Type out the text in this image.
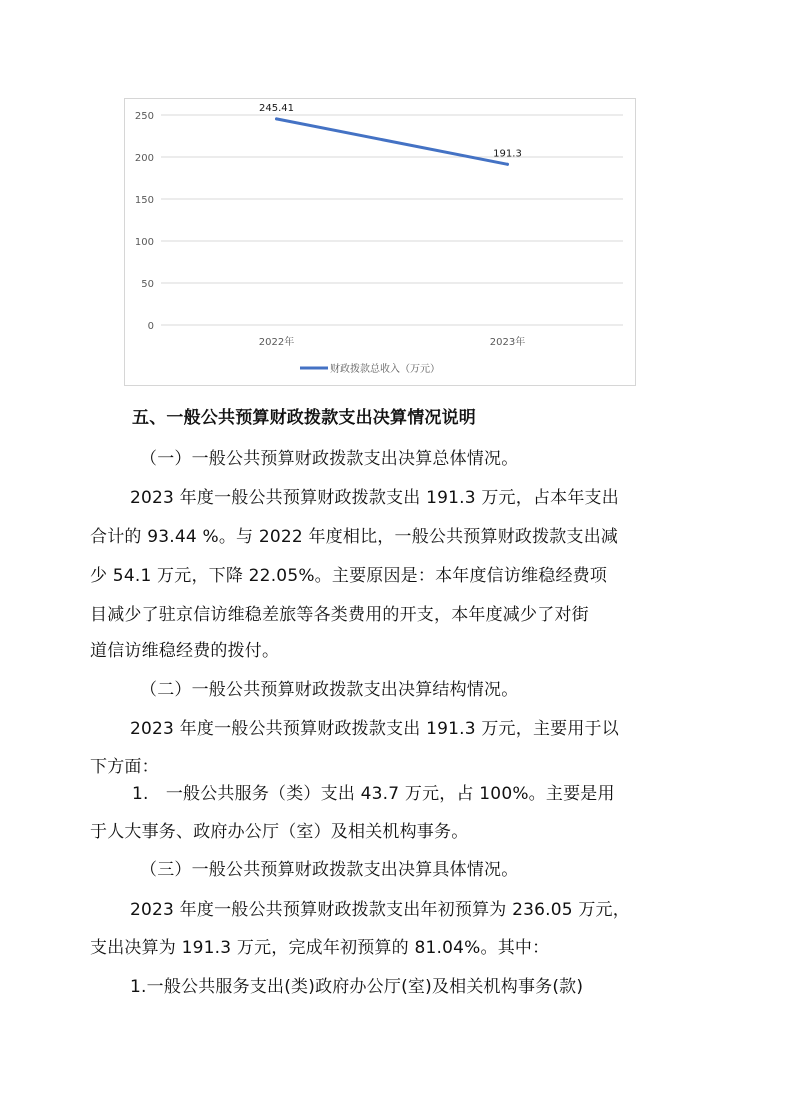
0
50
100
150
200
250
2022年	2023年
245.41
191.3
财政拨款总收入（万元）

五、一般公共预算财政拨款支出决算情况说明

（一）一般公共预算财政拨款支出决算总体情况。

2023 年度一般公共预算财政拨款支出 191.3 万元，占本年支出

合计的 93.44 %。与 2022 年度相比，一般公共预算财政拨款支出减

少 54.1 万元，下降 22.05%。主要原因是：本年度信访维稳经费项

目减少了驻京信访维稳差旅等各类费用的开支，本年度减少了对街

道信访维稳经费的拨付。

（二）一般公共预算财政拨款支出决算结构情况。

2023 年度一般公共预算财政拨款支出 191.3 万元，主要用于以

下方面：

1.　一般公共服务（类）支出 43.7 万元，占 100%。主要是用

于人大事务、政府办公厅（室）及相关机构事务。

（三）一般公共预算财政拨款支出决算具体情况。

2023 年度一般公共预算财政拨款支出年初预算为 236.05 万元，

支出决算为 191.3 万元，完成年初预算的 81.04%。其中：

1.一般公共服务支出(类)政府办公厅(室)及相关机构事务(款)
